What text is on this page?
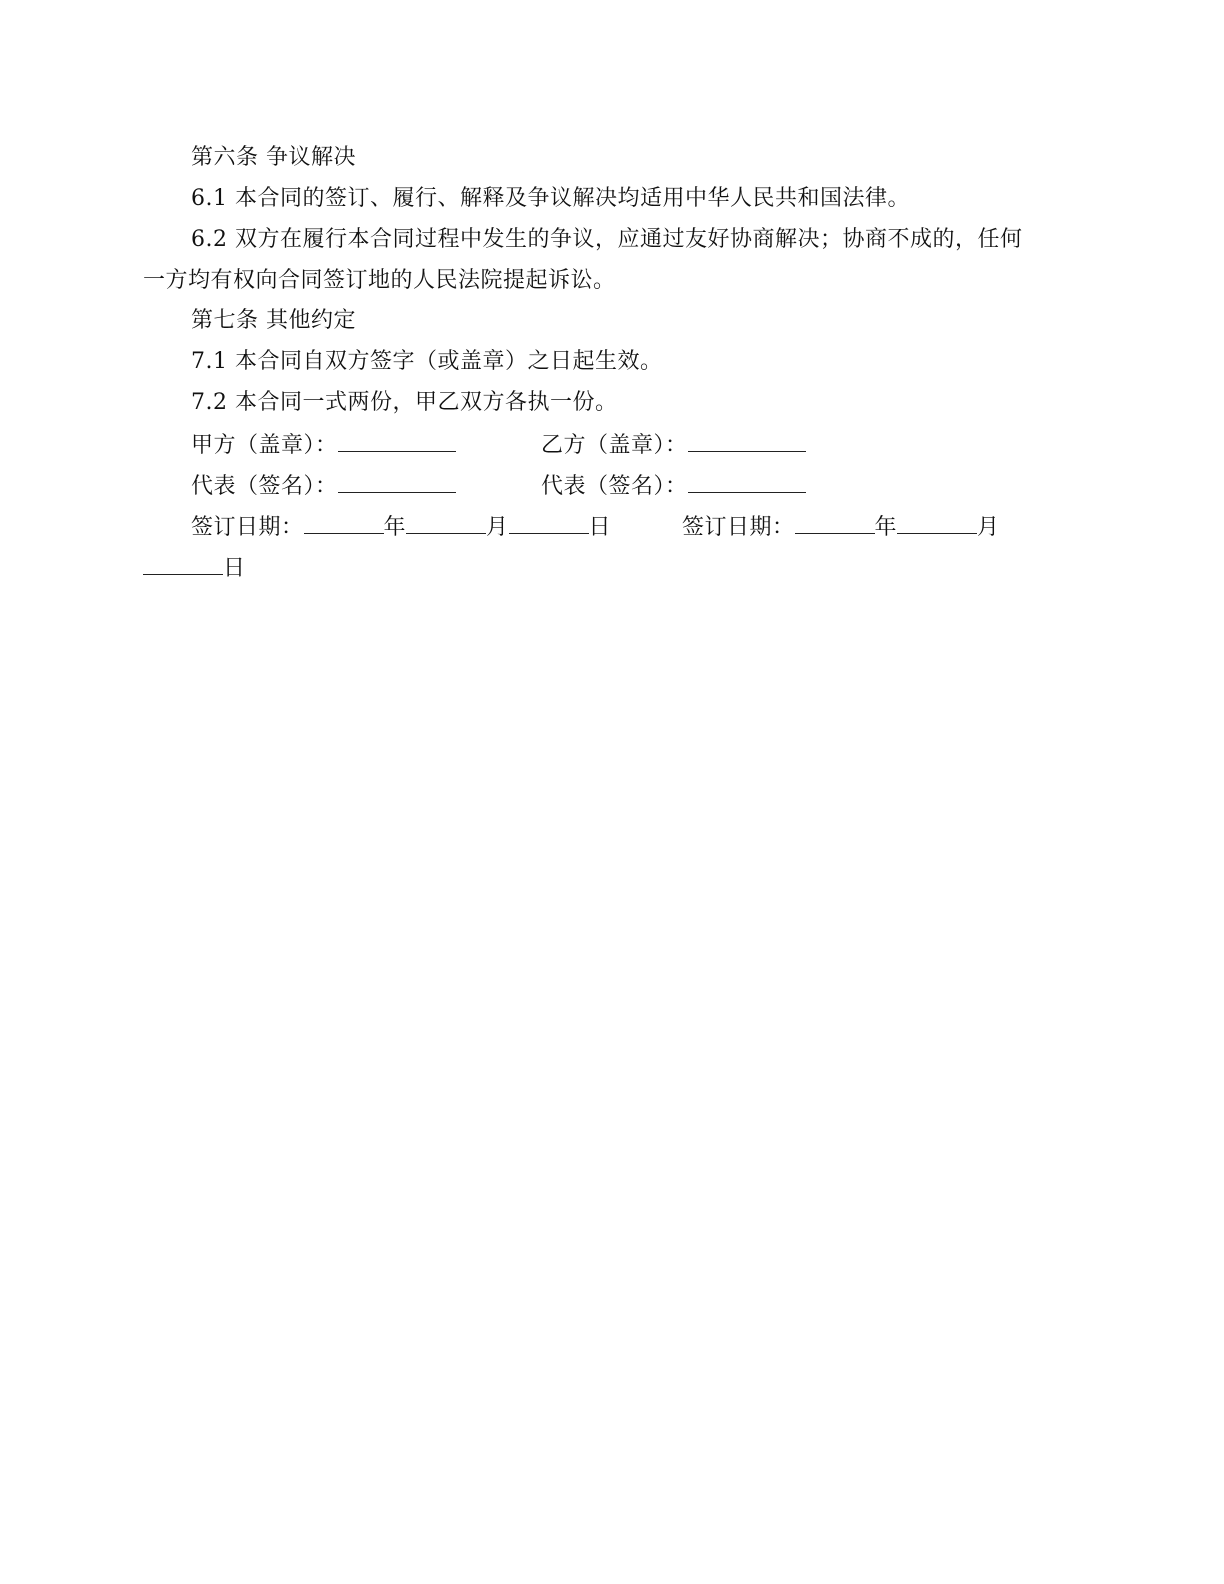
第六条 争议解决
6.1 本合同的签订、履行、解释及争议解决均适用中华人民共和国法律。
6.2 双方在履行本合同过程中发生的争议，应通过友好协商解决；协商不成的，任何
一方均有权向合同签订地的人民法院提起诉讼。
第七条 其他约定
7.1 本合同自双方签字（或盖章）之日起生效。
7.2 本合同一式两份，甲乙双方各执一份。
甲方（盖章）：	乙方（盖章）：
代表（签名）：	代表（签名）：
签订日期：	年	月	日	签订日期：	年	月
日
